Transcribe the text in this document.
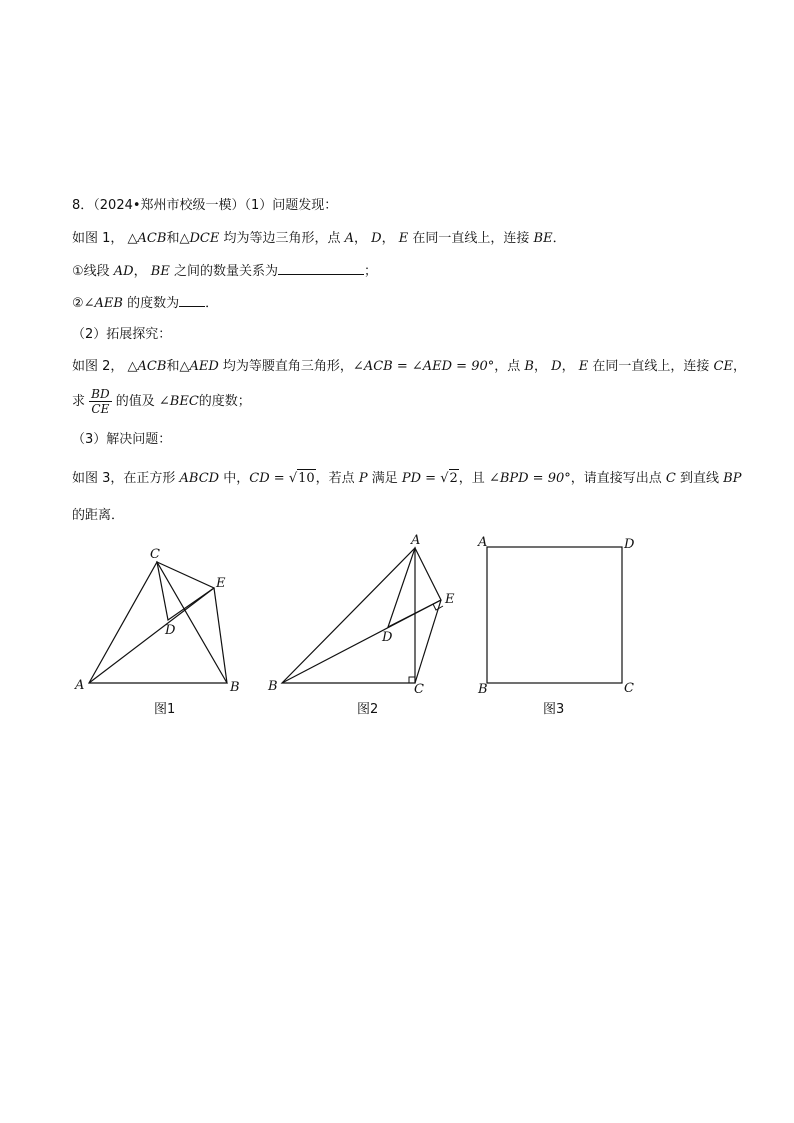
8．（2024•郑州市校级一模）（1）问题发现：
如图 1， △ACB和△DCE 均为等边三角形，点 A， D， E 在同一直线上，连接 BE．
①线段 AD， BE 之间的数量关系为	；
②∠AEB 的度数为 ．
（2）拓展探究：
如图 2， △ACB和△AED 均为等腰直角三角形，∠ACB = ∠AED = 90°，点 B， D， E 在同一直线上，连接 CE，
求 $\frac{BD}{CE}$ 的值及 ∠BEC的度数；
（3）解决问题：
如图 3，在正方形 ABCD 中，CD = √10，若点 P 满足 PD = √2，且 ∠BPD = 90°，请直接写出点 C 到直线 BP
的距离．
A	B
C
D
E
图1
A
B	C
D
E
图2
A
B	C
D
图3
